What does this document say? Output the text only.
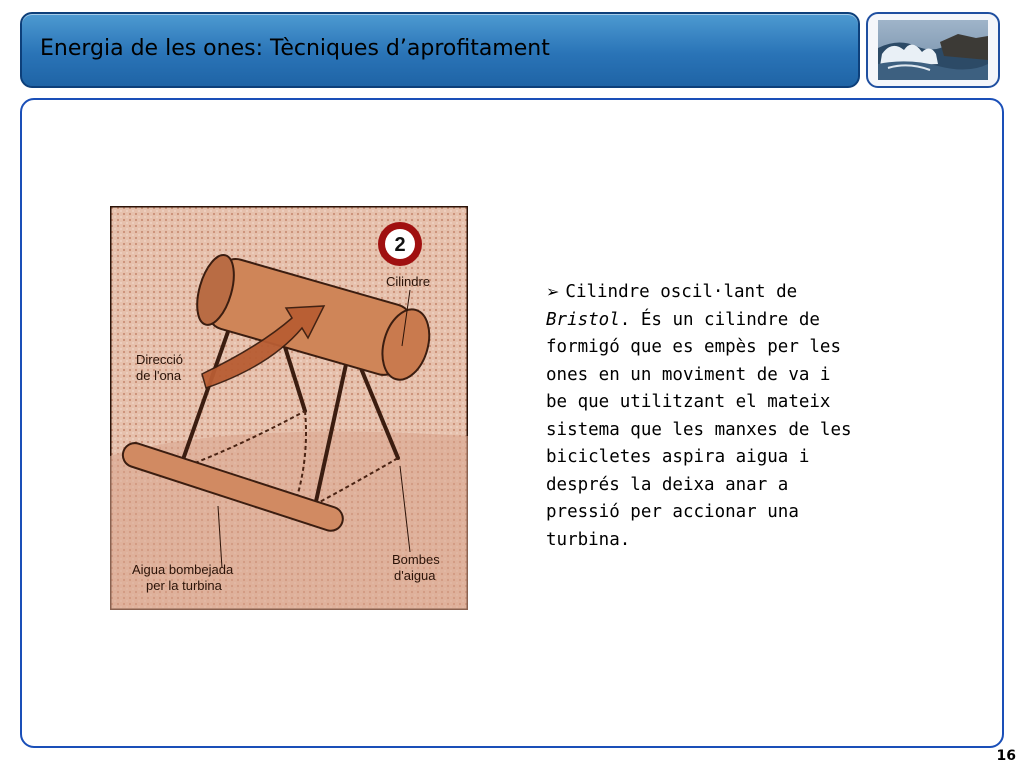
Energia de les ones: Tècniques d’aprofitament
2
Cilindre
Direcció
de l'ona
Aigua bombejada
per la turbina
Bombes
d'aigua
➢ Cilindre oscil·lant de Bristol. És un cilindre de formigó que es empès per les ones en un moviment de va i be que utilitzant el mateix sistema que les manxes de les bicicletes aspira aigua i després la deixa anar a pressió per accionar una turbina.
16
